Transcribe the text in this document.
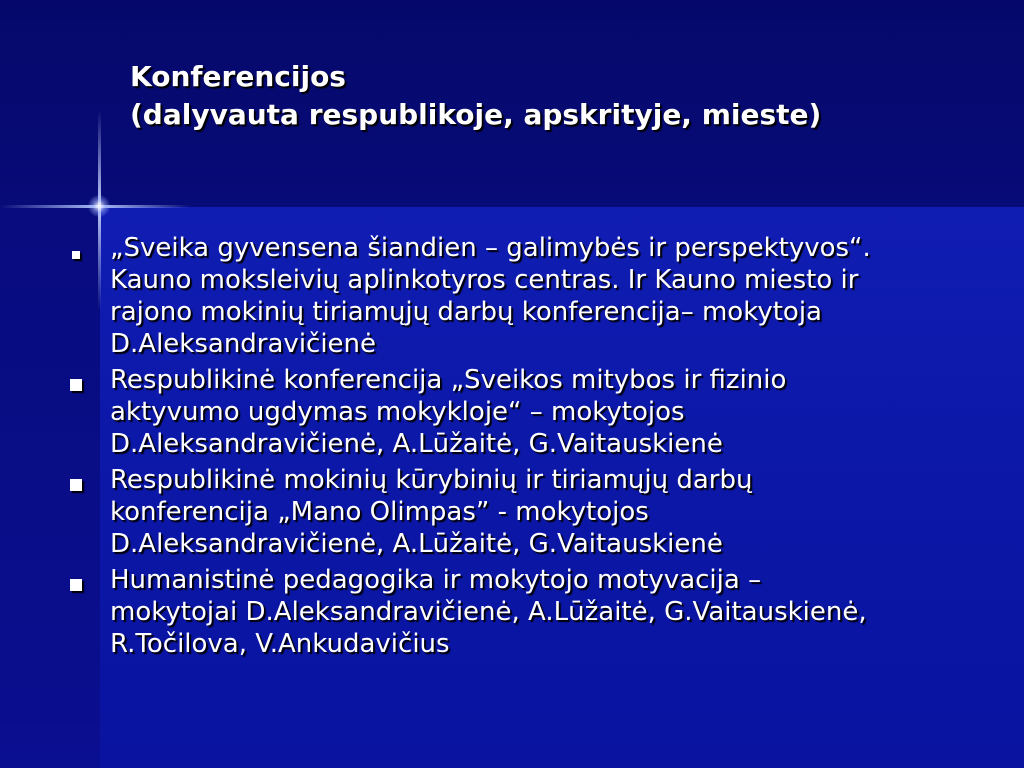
Konferencijos
(dalyvauta respublikoje, apskrityje, mieste)
„Sveika gyvensena šiandien – galimybės ir perspektyvos“.
Kauno moksleivių aplinkotyros centras. Ir Kauno miesto ir
rajono mokinių tiriamųjų darbų konferencija– mokytoja
D.Aleksandravičienė
Respublikinė konferencija „Sveikos mitybos ir fizinio
aktyvumo ugdymas mokykloje“ – mokytojos
D.Aleksandravičienė, A.Lūžaitė, G.Vaitauskienė
Respublikinė mokinių kūrybinių ir tiriamųjų darbų
konferencija „Mano Olimpas” - mokytojos
D.Aleksandravičienė, A.Lūžaitė, G.Vaitauskienė
Humanistinė pedagogika ir mokytojo motyvacija –
mokytojai D.Aleksandravičienė, A.Lūžaitė, G.Vaitauskienė,
R.Točilova, V.Ankudavičius
